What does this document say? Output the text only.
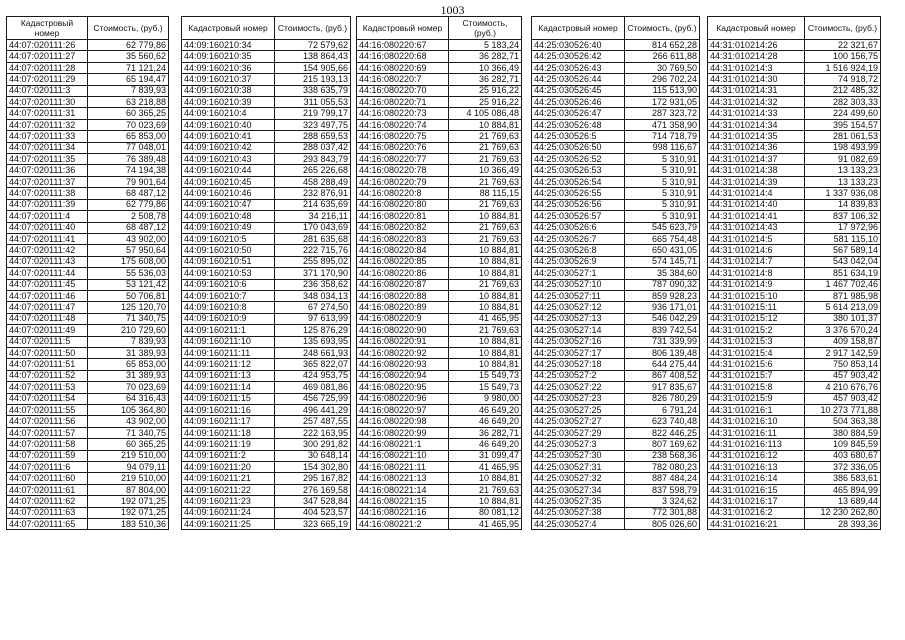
1003
Кадастровый номер	Стоимость, (руб.)
44:07:020111:26	62 779,86
44:07:020111:27	35 560,62
44:07:020111:28	71 121,24
44:07:020111:29	65 194,47
44:07:020111:3	7 839,93
44:07:020111:30	63 218,88
44:07:020111:31	60 365,25
44:07:020111:32	70 023,69
44:07:020111:33	65 853,00
44:07:020111:34	77 048,01
44:07:020111:35	76 389,48
44:07:020111:36	74 194,38
44:07:020111:37	79 901,64
44:07:020111:38	68 487,12
44:07:020111:39	62 779,86
44:07:020111:4	2 508,78
44:07:020111:40	68 487,12
44:07:020111:41	43 902,00
44:07:020111:42	57 950,64
44:07:020111:43	175 608,00
44:07:020111:44	55 536,03
44:07:020111:45	53 121,42
44:07:020111:46	50 706,81
44:07:020111:47	125 120,70
44:07:020111:48	71 340,75
44:07:020111:49	210 729,60
44:07:020111:5	7 839,93
44:07:020111:50	31 389,93
44:07:020111:51	65 853,00
44:07:020111:52	31 389,93
44:07:020111:53	70 023,69
44:07:020111:54	64 316,43
44:07:020111:55	105 364,80
44:07:020111:56	43 902,00
44:07:020111:57	71 340,75
44:07:020111:58	60 365,25
44:07:020111:59	219 510,00
44:07:020111:6	94 079,11
44:07:020111:60	219 510,00
44:07:020111:61	87 804,00
44:07:020111:62	192 071,25
44:07:020111:63	192 071,25
44:07:020111:65	183 510,36
Кадастровый номер	Стоимость, (руб.)
44:09:160210:34	72 579,62
44:09:160210:35	138 864,43
44:09:160210:36	154 905,66
44:09:160210:37	215 193,13
44:09:160210:38	338 635,79
44:09:160210:39	311 055,53
44:09:160210:4	219 799,17
44:09:160210:40	323 497,75
44:09:160210:41	288 659,53
44:09:160210:42	288 037,42
44:09:160210:43	293 843,79
44:09:160210:44	265 226,68
44:09:160210:45	458 288,49
44:09:160210:46	232 876,91
44:09:160210:47	214 635,69
44:09:160210:48	34 216,11
44:09:160210:49	170 043,69
44:09:160210:5	281 635,68
44:09:160210:50	222 715,76
44:09:160210:51	255 895,02
44:09:160210:53	371 170,90
44:09:160210:6	236 358,62
44:09:160210:7	348 034,13
44:09:160210:8	67 274,50
44:09:160210:9	97 613,99
44:09:160211:1	125 876,29
44:09:160211:10	135 693,95
44:09:160211:11	248 661,93
44:09:160211:12	365 822,07
44:09:160211:13	424 953,75
44:09:160211:14	469 081,86
44:09:160211:15	456 725,99
44:09:160211:16	496 441,29
44:09:160211:17	257 487,55
44:09:160211:18	222 163,95
44:09:160211:19	300 291,82
44:09:160211:2	30 648,14
44:09:160211:20	154 302,80
44:09:160211:21	295 167,82
44:09:160211:22	276 169,58
44:09:160211:23	347 528,84
44:09:160211:24	404 523,57
44:09:160211:25	323 665,19
Кадастровый номер	Стоимость, (руб.)
44:16:080220:67	5 183,24
44:16:080220:68	36 282,71
44:16:080220:69	10 366,49
44:16:080220:7	36 282,71
44:16:080220:70	25 916,22
44:16:080220:71	25 916,22
44:16:080220:73	4 105 086,48
44:16:080220:74	10 884,81
44:16:080220:75	21 769,63
44:16:080220:76	21 769,63
44:16:080220:77	21 769,63
44:16:080220:78	10 366,49
44:16:080220:79	21 769,63
44:16:080220:8	88 115,15
44:16:080220:80	21 769,63
44:16:080220:81	10 884,81
44:16:080220:82	21 769,63
44:16:080220:83	21 769,63
44:16:080220:84	10 884,81
44:16:080220:85	10 884,81
44:16:080220:86	10 884,81
44:16:080220:87	21 769,63
44:16:080220:88	10 884,81
44:16:080220:89	10 884,81
44:16:080220:9	41 465,95
44:16:080220:90	21 769,63
44:16:080220:91	10 884,81
44:16:080220:92	10 884,81
44:16:080220:93	10 884,81
44:16:080220:94	15 549,73
44:16:080220:95	15 549,73
44:16:080220:96	9 980,00
44:16:080220:97	46 649,20
44:16:080220:98	46 649,20
44:16:080220:99	36 282,71
44:16:080221:1	46 649,20
44:16:080221:10	31 099,47
44:16:080221:11	41 465,95
44:16:080221:13	10 884,81
44:16:080221:14	21 769,63
44:16:080221:15	10 884,81
44:16:080221:16	80 081,12
44:16:080221:2	41 465,95
Кадастровый номер	Стоимость, (руб.)
44:25:030526:40	814 652,28
44:25:030526:42	266 611,88
44:25:030526:43	30 769,50
44:25:030526:44	296 702,24
44:25:030526:45	115 513,90
44:25:030526:46	172 931,05
44:25:030526:47	287 323,72
44:25:030526:48	471 358,90
44:25:030526:5	714 718,79
44:25:030526:50	998 116,67
44:25:030526:52	5 310,91
44:25:030526:53	5 310,91
44:25:030526:54	5 310,91
44:25:030526:55	5 310,91
44:25:030526:56	5 310,91
44:25:030526:57	5 310,91
44:25:030526:6	545 623,79
44:25:030526:7	665 754,48
44:25:030526:8	650 431,05
44:25:030526:9	574 145,71
44:25:030527:1	35 384,60
44:25:030527:10	787 090,32
44:25:030527:11	859 928,23
44:25:030527:12	936 171,01
44:25:030527:13	546 042,29
44:25:030527:14	839 742,54
44:25:030527:16	731 339,99
44:25:030527:17	806 139,48
44:25:030527:18	644 275,44
44:25:030527:2	867 408,52
44:25:030527:22	917 835,67
44:25:030527:23	826 780,29
44:25:030527:25	6 791,24
44:25:030527:27	623 740,48
44:25:030527:29	822 446,25
44:25:030527:3	807 169,62
44:25:030527:30	238 568,36
44:25:030527:31	782 080,23
44:25:030527:32	887 484,24
44:25:030527:34	837 598,79
44:25:030527:35	3 324,62
44:25:030527:38	772 301,88
44:25:030527:4	805 026,60
Кадастровый номер	Стоимость, (руб.)
44:31:010214:26	22 321,67
44:31:010214:28	100 156,75
44:31:010214:3	1 516 924,19
44:31:010214:30	74 918,72
44:31:010214:31	212 485,32
44:31:010214:32	282 303,33
44:31:010214:33	224 499,60
44:31:010214:34	395 154,57
44:31:010214:35	281 061,53
44:31:010214:36	198 493,99
44:31:010214:37	91 082,69
44:31:010214:38	13 133,23
44:31:010214:39	13 133,23
44:31:010214:4	1 337 936,08
44:31:010214:40	14 839,83
44:31:010214:41	837 106,32
44:31:010214:43	17 972,96
44:31:010214:5	581 115,10
44:31:010214:6	567 589,14
44:31:010214:7	543 042,04
44:31:010214:8	851 634,19
44:31:010214:9	1 467 702,46
44:31:010215:10	871 985,98
44:31:010215:11	5 614 213,09
44:31:010215:12	380 101,37
44:31:010215:2	3 376 570,24
44:31:010215:3	409 158,87
44:31:010215:4	2 917 142,59
44:31:010215:6	750 853,14
44:31:010215:7	457 903,42
44:31:010215:8	4 210 676,76
44:31:010215:9	457 903,42
44:31:010216:1	10 273 771,88
44:31:010216:10	504 363,38
44:31:010216:11	380 884,59
44:31:010216:113	109 845,59
44:31:010216:12	403 680,67
44:31:010216:13	372 336,05
44:31:010216:14	386 583,61
44:31:010216:15	465 894,99
44:31:010216:17	13 689,44
44:31:010216:2	12 230 262,80
44:31:010216:21	28 393,36
